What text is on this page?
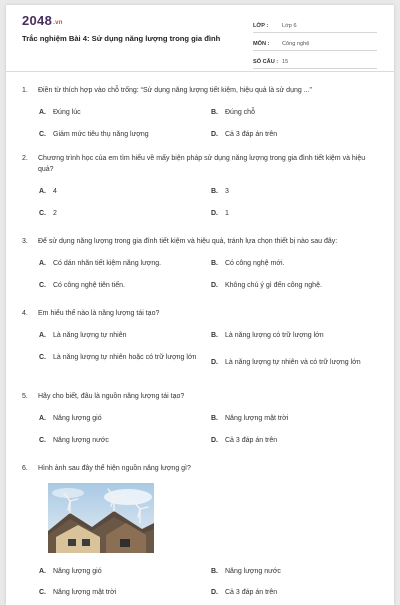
2048.vn
Trắc nghiệm Bài 4: Sử dụng năng lượng trong gia đình
LỚP :	Lớp 6
MÔN :	Công nghệ
SỐ CÂU : 15
1.	Điền từ thích hợp vào chỗ trống: “Sử dụng năng lượng tiết kiệm, hiệu quả là sử dụng ...”
A.	Đúng lúc	B.	Đúng chỗ
C.	Giảm mức tiêu thụ năng lượng	D.	Cả 3 đáp án trên
2.	Chương trình học của em tìm hiểu về mấy biện pháp sử dụng năng lượng trong gia đình tiết kiệm và hiệu quả?
A.	4	B.	3
C.	2	D.	1
3.	Để sử dụng năng lượng trong gia đình tiết kiệm và hiệu quả, tránh lựa chọn thiết bị nào sau đây:
A.	Có dán nhãn tiết kiệm năng lượng.	B.	Có công nghệ mới.
C.	Có công nghệ tiên tiến.	D.	Không chú ý gì đến công nghệ.
4.	Em hiểu thế nào là năng lượng tái tạo?
A.	Là năng lượng tự nhiên	B.	Là năng lượng có trữ lượng lớn
C.	Là năng lượng tự nhiên hoặc có trữ lượng lớn
D.	Là năng lượng tự nhiên và có trữ lượng lớn
5.	Hãy cho biết, đâu là nguồn năng lượng tái tạo?
A.	Năng lượng gió	B.	Năng lượng mặt trời
C.	Năng lượng nước	D.	Cả 3 đáp án trên
6.	Hình ảnh sau đây thể hiện nguồn năng lượng gì?
A.	Năng lượng gió	B.	Năng lượng nước
C.	Năng lượng mặt trời	D.	Cả 3 đáp án trên
